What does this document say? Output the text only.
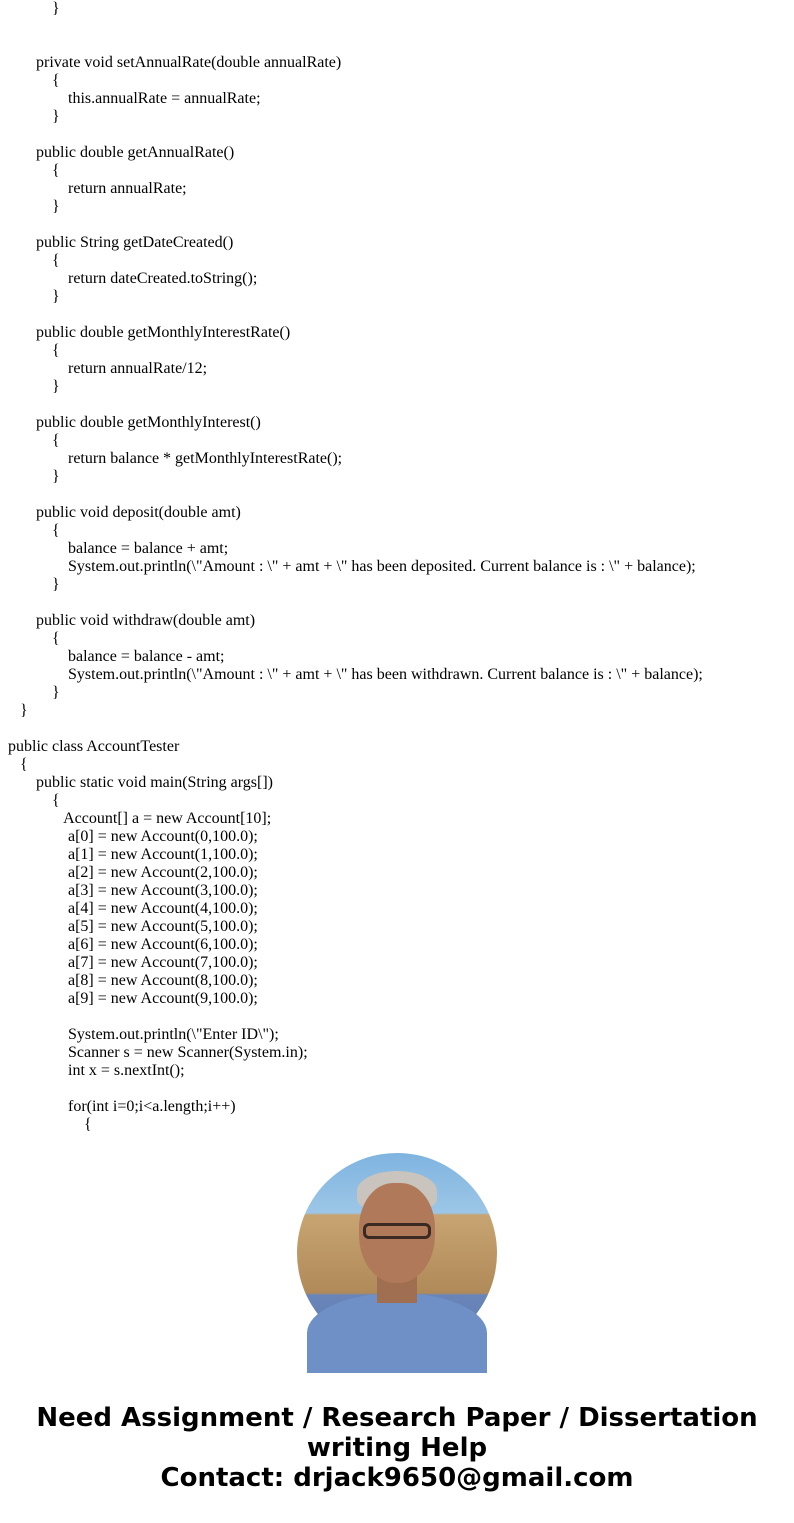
}
private void setAnnualRate(double annualRate)
{
this.annualRate = annualRate;
}
public double getAnnualRate()
{
return annualRate;
}
public String getDateCreated()
{
return dateCreated.toString();
}
public double getMonthlyInterestRate()
{
return annualRate/12;
}
public double getMonthlyInterest()
{
return balance * getMonthlyInterestRate();
}
public void deposit(double amt)
{
balance = balance + amt;
System.out.println(\"Amount : \" + amt + \" has been deposited. Current balance is : \" + balance);
}
public void withdraw(double amt)
{
balance = balance - amt;
System.out.println(\"Amount : \" + amt + \" has been withdrawn. Current balance is : \" + balance);
}
}
public class AccountTester
{
public static void main(String args[])
{
Account[] a = new Account[10];
a[0] = new Account(0,100.0);
a[1] = new Account(1,100.0);
a[2] = new Account(2,100.0);
a[3] = new Account(3,100.0);
a[4] = new Account(4,100.0);
a[5] = new Account(5,100.0);
a[6] = new Account(6,100.0);
a[7] = new Account(7,100.0);
a[8] = new Account(8,100.0);
a[9] = new Account(9,100.0);
System.out.println(\"Enter ID\");
Scanner s = new Scanner(System.in);
int x = s.nextInt();
for(int i=0;i<a.length;i++)
{
Need Assignment / Research Paper / Dissertation
writing Help
Contact: drjack9650@gmail.com
